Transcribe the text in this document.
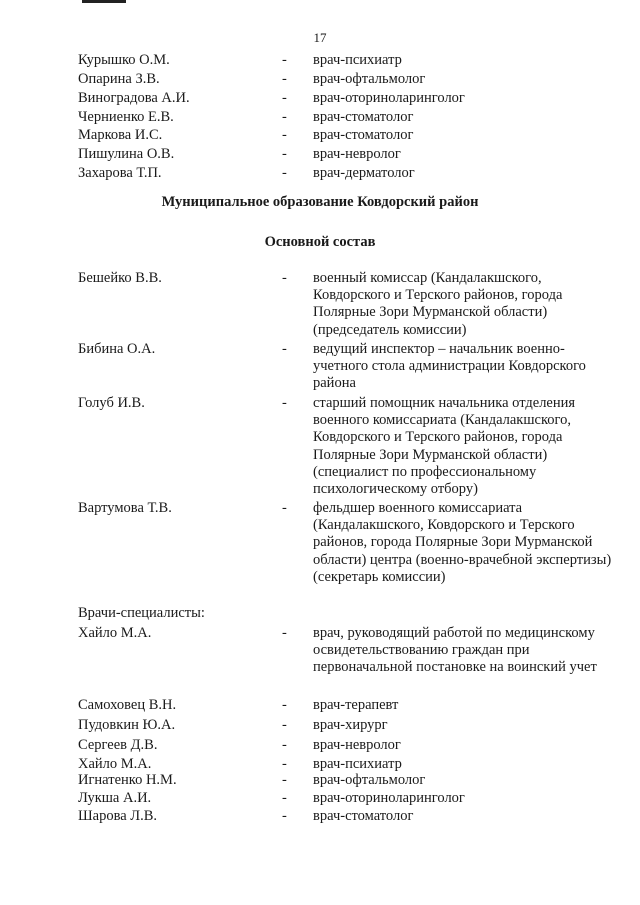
17
Курышко О.М.	- врач-психиатр
Опарина З.В.	- врач-офтальмолог
Виноградова А.И.	- врач-оториноларинголог
Черниенко Е.В.	- врач-стоматолог
Маркова И.С.	- врач-стоматолог
Пишулина О.В.	- врач-невролог
Захарова Т.П.	- врач-дерматолог
Муниципальное образование Ковдорский район
Основной состав
Бешейко В.В.	- военный комиссар (Кандалакшского, Ковдорского и Терского районов, города Полярные Зори Мурманской области) (председатель комиссии)
Бибина О.А.	- ведущий инспектор – начальник военно-учетного стола администрации Ковдорского района
Голуб И.В.	- старший помощник начальника отделения военного комиссариата (Кандалакшского, Ковдорского и Терского районов, города Полярные Зори Мурманской области) (специалист по профессиональному психологическому отбору)
Вартумова Т.В.	- фельдшер военного комиссариата (Кандалакшского, Ковдорского и Терского районов, города Полярные Зори Мурманской области) центра (военно-врачебной экспертизы)(секретарь комиссии)
Врачи-специалисты:
Хайло М.А.	- врач, руководящий работой по медицинскому освидетельствованию граждан при первоначальной постановке на воинский учет
Самоховец В.Н.	- врач-терапевт
Пудовкин Ю.А.	- врач-хирург
Сергеев Д.В.	- врач-невролог
Хайло М.А.	- врач-психиатр
Игнатенко Н.М.	- врач-офтальмолог
Лукша А.И.	- врач-оториноларинголог
Шарова Л.В.	- врач-стоматолог
